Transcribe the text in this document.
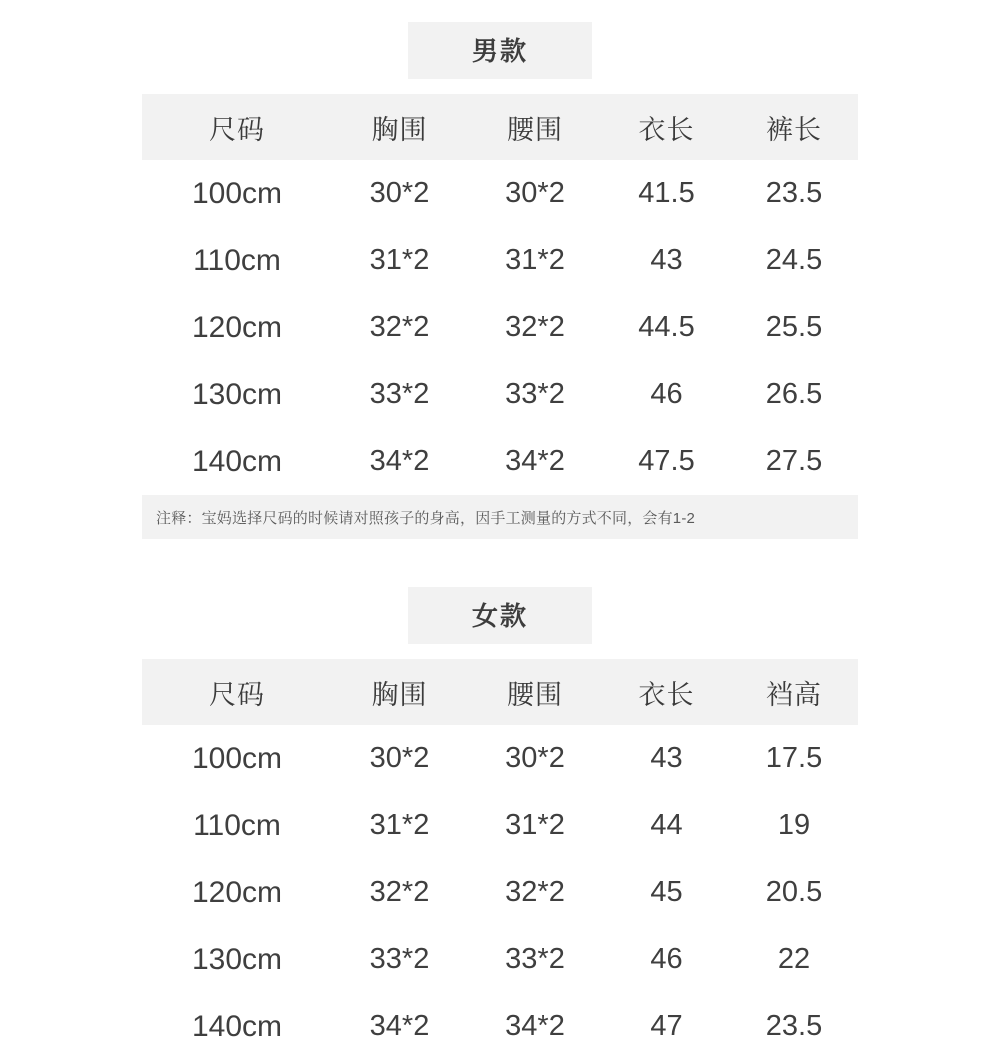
男款
尺码	胸围	腰围	衣长	裤长
100cm	30*2	30*2	41.5	23.5
110cm	31*2	31*2	43	24.5
120cm	32*2	32*2	44.5	25.5
130cm	33*2	33*2	46	26.5
140cm	34*2	34*2	47.5	27.5
注释：宝妈选择尺码的时候请对照孩子的身高，因手工测量的方式不同，会有1-2
女款
尺码	胸围	腰围	衣长	裆高
100cm	30*2	30*2	43	17.5
110cm	31*2	31*2	44	19
120cm	32*2	32*2	45	20.5
130cm	33*2	33*2	46	22
140cm	34*2	34*2	47	23.5
